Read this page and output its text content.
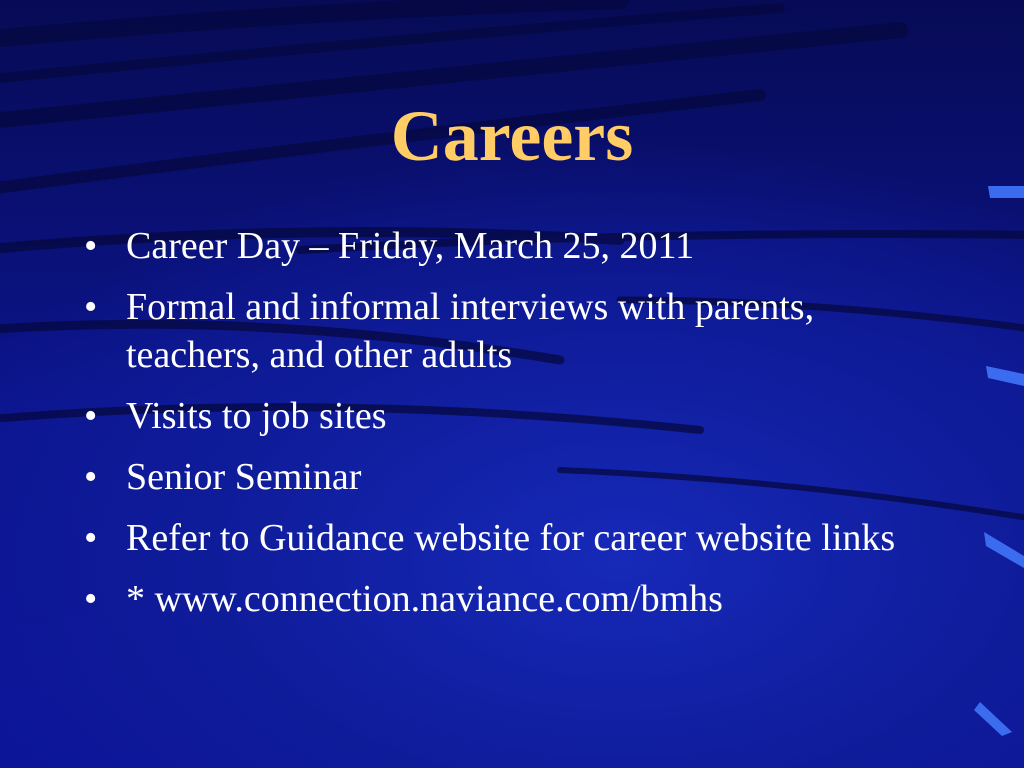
Careers
• Career Day – Friday, March 25, 2011
• Formal and informal interviews with parents, teachers, and other adults
• Visits to job sites
• Senior Seminar
• Refer to Guidance website for career website links
• * www.connection.naviance.com/bmhs
